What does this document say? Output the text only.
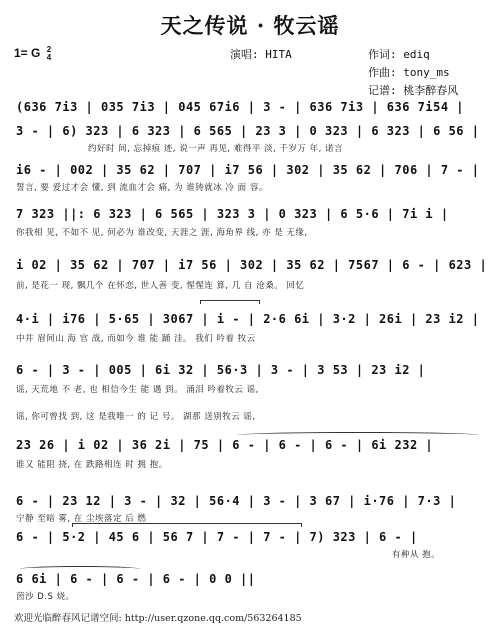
天之传说 · 牧云谣
1= G 2
4	演唱: HITA	作词: ediq
作曲: tony_ms
记谱: 桃李醉春风
(636 7i3 | 035 7i3 | 045 67i6 | 3 - | 636 7i3 | 636 7i54 |
3 - | 6) 323 | 6 323 | 6 565 | 23 3 | 0 323 | 6 323 | 6 56 |
约好时 间, 忘掉痕 迹, 说一声 再见, 难得平 淡, 千岁万 年, 诺言
i6 - | 002 | 35 62 | 707 | i7 56 | 302 | 35 62 | 706 | 7 - |
誓言, 要 爱过才会 懂, 到 流血才会 痛, 为 谁铸就冰 冷 面 容。
7 323 ||: 6 323 | 6 565 | 323 3 | 0 323 | 6 5·6 | 7i i |
你我相 见, 不如不 见, 何必为 谁改变, 天涯之 涯, 海角界 线, 亦 是 无缘,
i 02 | 35 62 | 707 | i7 56 | 302 | 35 62 | 7567 | 6 - | 623 |
前, 是花一 现, 飘几个 在怀恋, 世人善 变, 惺惺连 算, 几 自 沧桑。 回忆
4·i | i76 | 5·65 | 3067 | i - | 2·6 6i | 3·2 | 26i | 23 i2 |
中井 眉间山 海 官 战, 而如今 谁 能 踊 洼。 我们 吟着 牧云
6 - | 3 - | 005 | 6i 32 | 56·3 | 3 - | 3 53 | 23 i2 |
谣, 天荒地 不 老, 也 相信今生 能 遇 到。 涌泪 吟着牧云 谣,
谣, 你可曾找 到, 这 是我唯一 的 记 号。 湖那 送别牧云 谣,
23 26 | i 02 | 36 2i | 75 | 6 - | 6 - | 6 - | 6i 232 |
谁又 能阻 挠, 在 跌路相连 时 拥 抱。
6 - | 23 12 | 3 - | 32 | 56·4 | 3 - | 3 67 | i·76 | 7·3 |
宁静 至暗 雾, 在 尘埃落定 后 燃
6 - | 5·2 | 45 6 | 56 7 | 7 - | 7 - | 7) 323 | 6 - |
有种从 抱。
6 6i | 6 - | 6 - | 6 - | 0 0 ||
茵沙 D.S 烧。
欢迎光临醉春风记谱空间: http://user.qzone.qq.com/563264185
